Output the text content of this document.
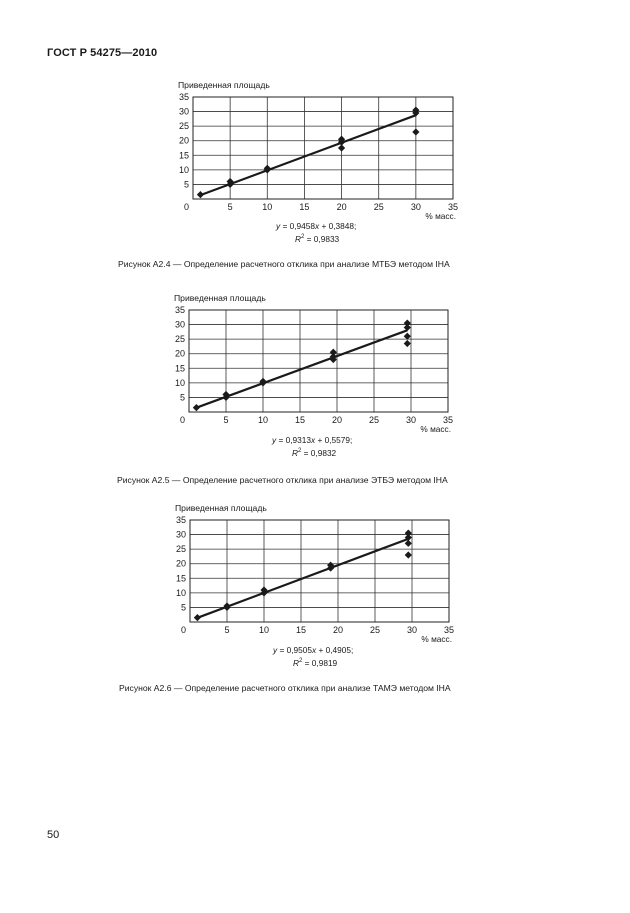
ГОСТ Р 54275—2010
5
10
15
20
25
30
35
0	5	10	15	20	25	30	35
Приведенная площадь
% масс.
y = 0,9458x + 0,3848;
$R^2 = 0,9833$
Рисунок А2.4 — Определение расчетного отклика при анализе МТБЭ методом IHA
5
10
15
20
25
30
35
0	5	10	15	20	25	30	35
Приведенная площадь
% масс.
y = 0,9313x + 0,5579;
$R^2 = 0,9832$
Рисунок А2.5 — Определение расчетного отклика при анализе ЭТБЭ методом IHA
5
10
15
20
25
30
35
0	5	10	15	20	25	30	35
Приведенная площадь
% масс.
y = 0,9505x + 0,4905;
$R^2 = 0,9819$
Рисунок А2.6 — Определение расчетного отклика при анализе ТАМЭ методом IHA
50
